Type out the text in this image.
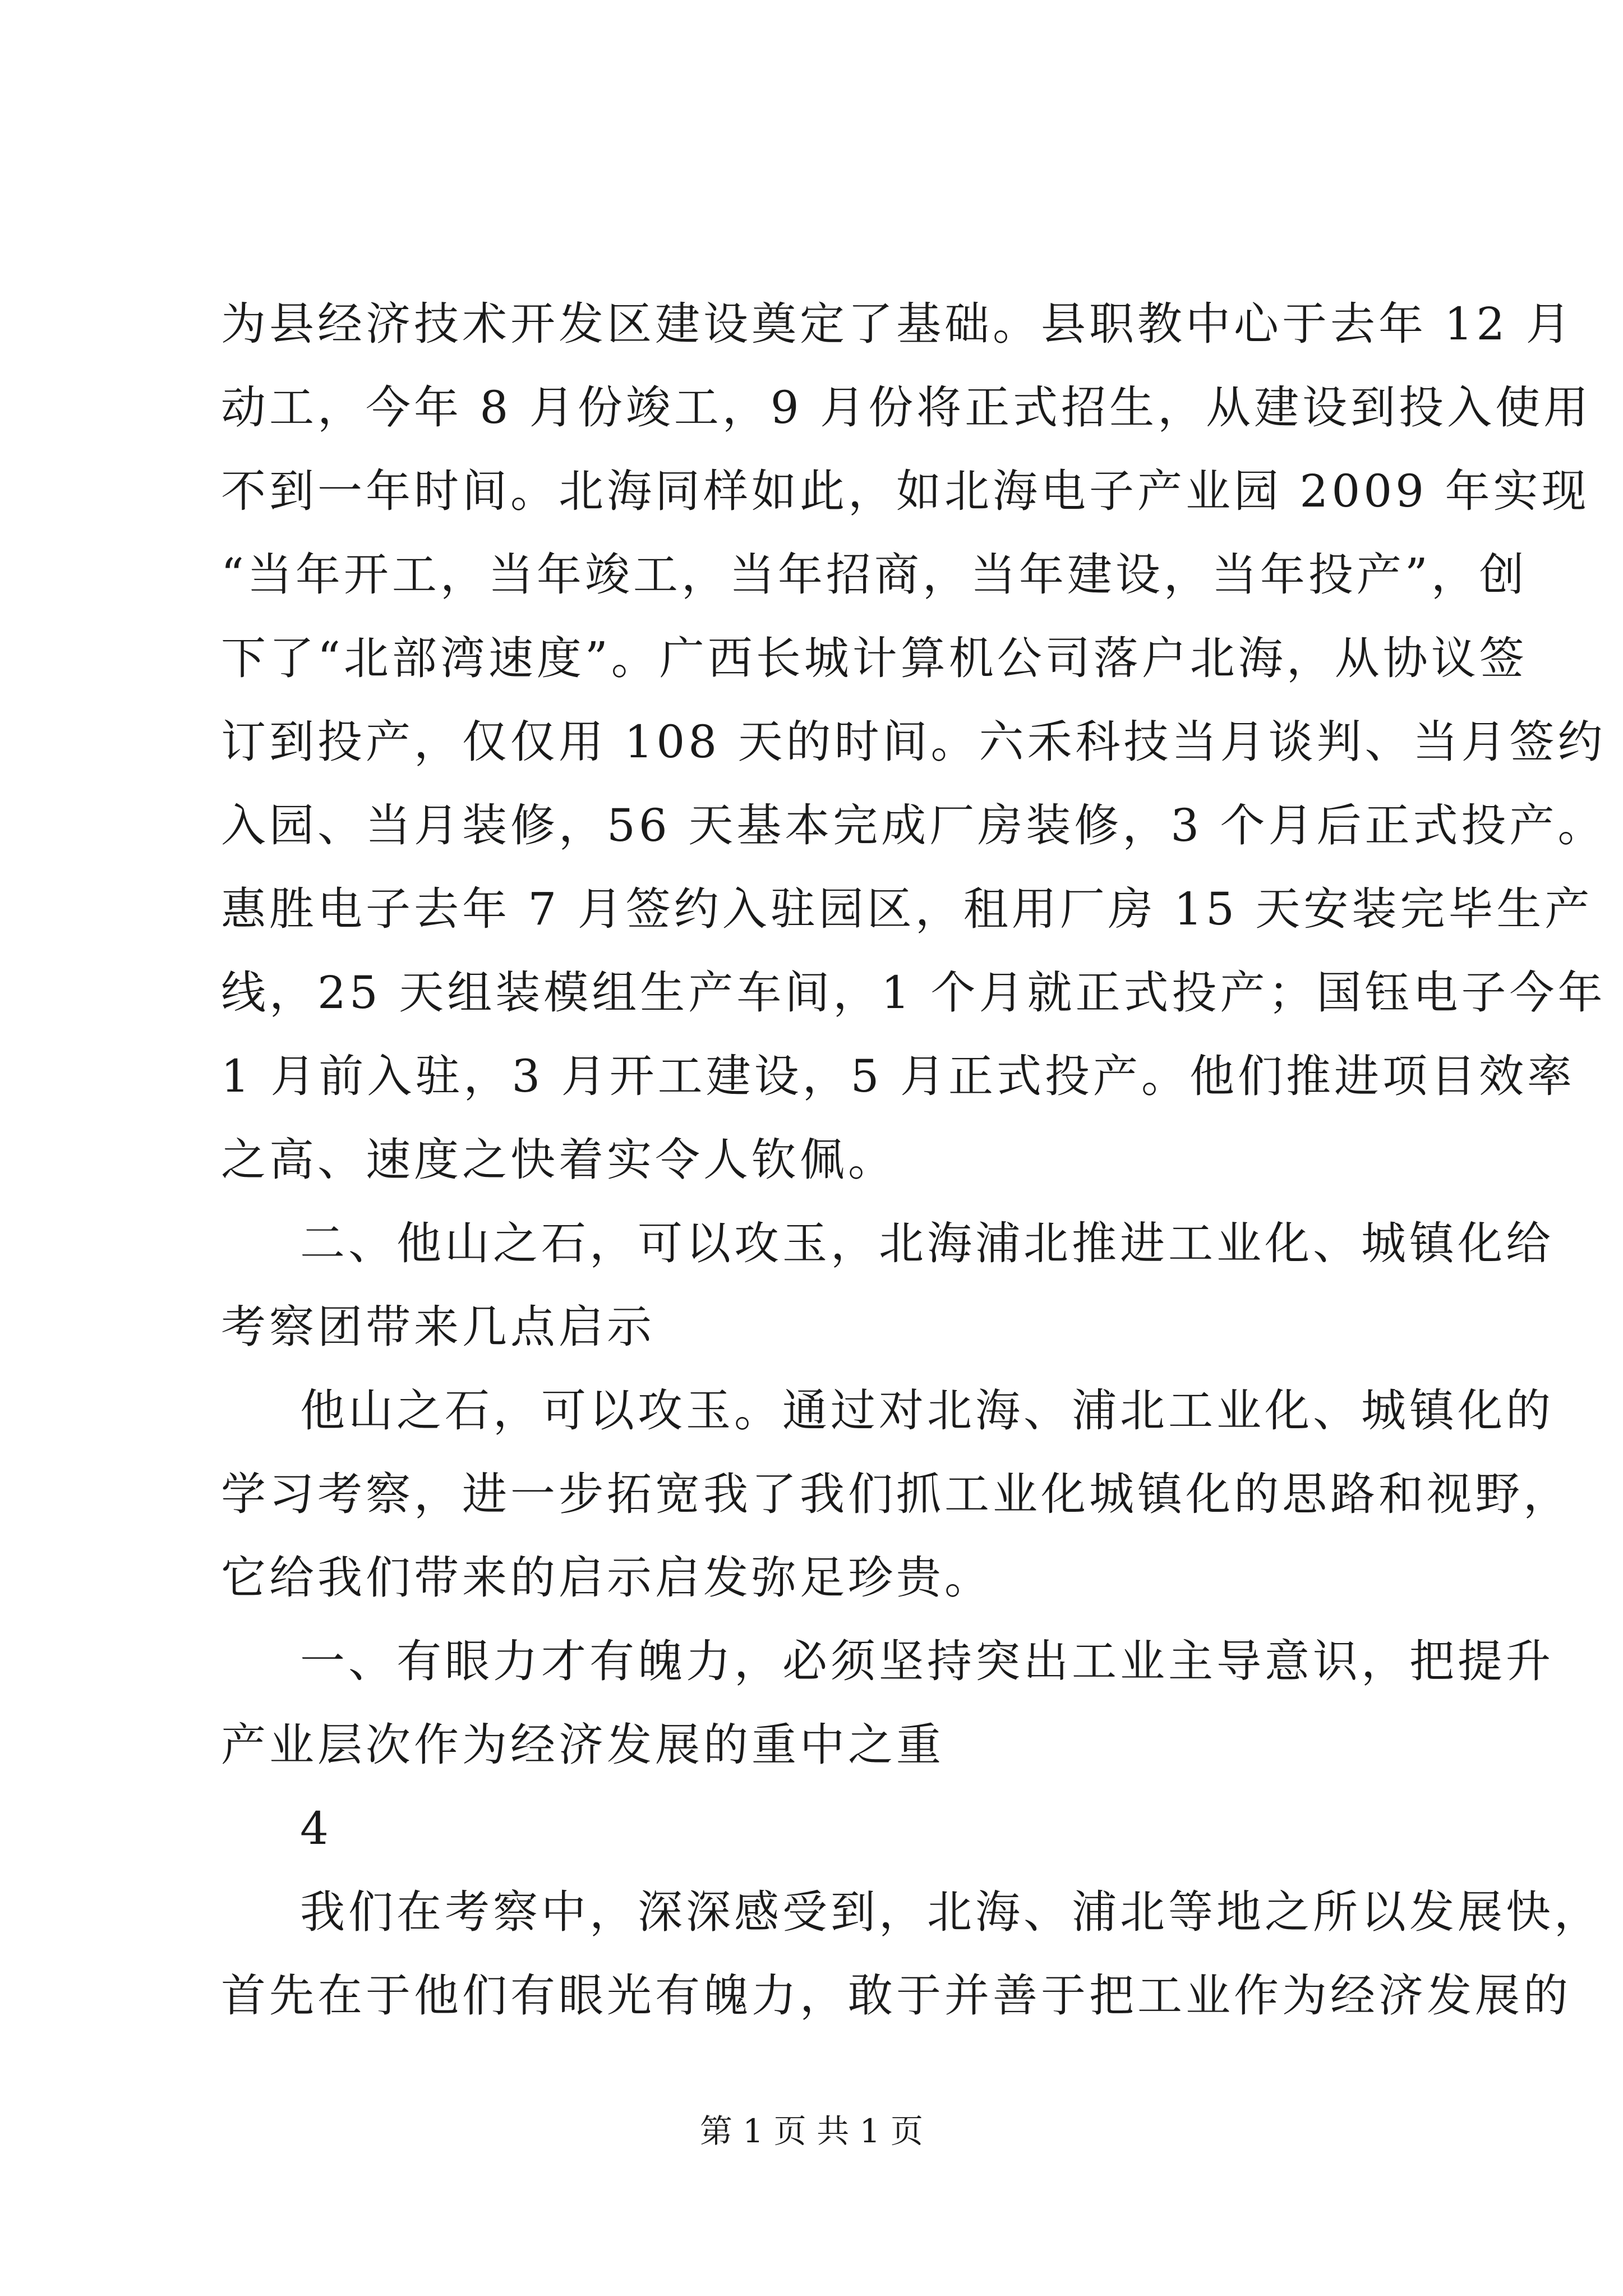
为县经济技术开发区建设奠定了基础。县职教中心于去年 12 月
动工，今年 8 月份竣工，9 月份将正式招生，从建设到投入使用
不到一年时间。北海同样如此，如北海电子产业园 2009 年实现
“当年开工，当年竣工，当年招商，当年建设，当年投产”，创
下了“北部湾速度”。广西长城计算机公司落户北海，从协议签
订到投产，仅仅用 108 天的时间。六禾科技当月谈判、当月签约
入园、当月装修，56 天基本完成厂房装修，3 个月后正式投产。
惠胜电子去年 7 月签约入驻园区，租用厂房 15 天安装完毕生产
线，25 天组装模组生产车间，1 个月就正式投产；国钰电子今年
1 月前入驻，3 月开工建设，5 月正式投产。他们推进项目效率
之高、速度之快着实令人钦佩。
二、他山之石，可以攻玉，北海浦北推进工业化、城镇化给
考察团带来几点启示
他山之石，可以攻玉。通过对北海、浦北工业化、城镇化的
学习考察，进一步拓宽我了我们抓工业化城镇化的思路和视野，
它给我们带来的启示启发弥足珍贵。
一、有眼力才有魄力，必须坚持突出工业主导意识，把提升
产业层次作为经济发展的重中之重
4
我们在考察中，深深感受到，北海、浦北等地之所以发展快，
首先在于他们有眼光有魄力，敢于并善于把工业作为经济发展的
第 1 页 共 1 页
